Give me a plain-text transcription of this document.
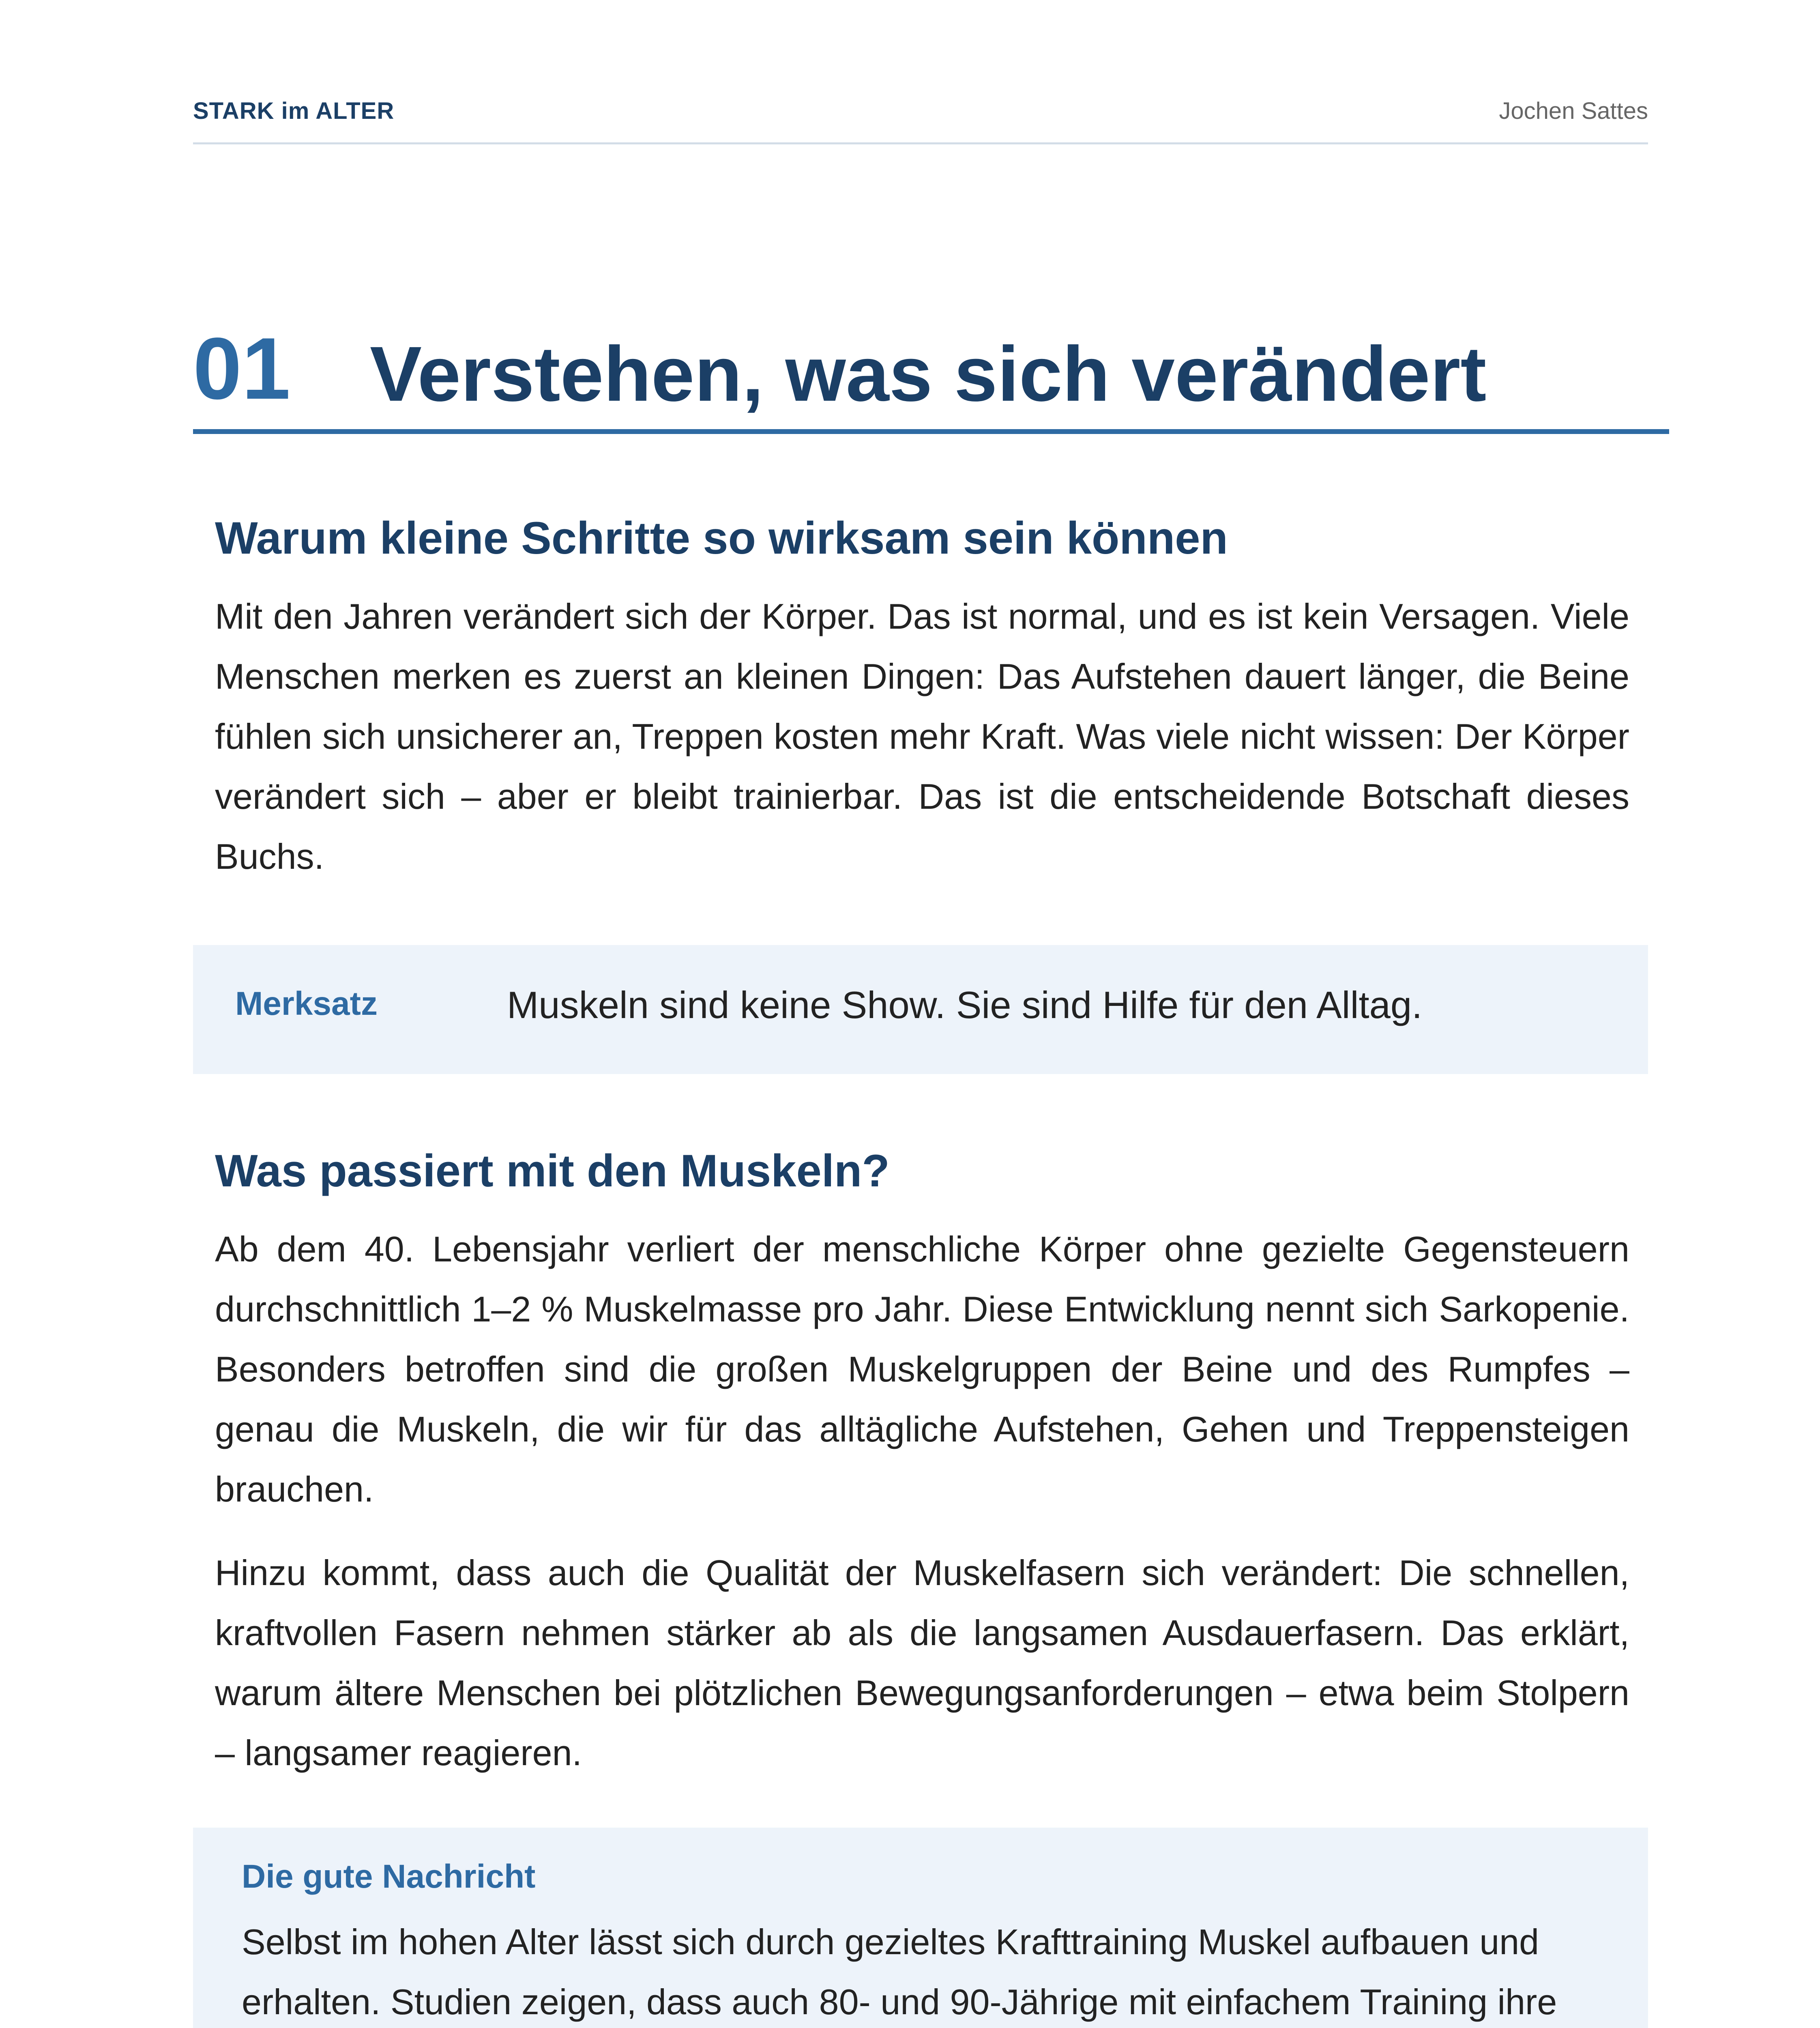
STARK im ALTER	Jochen Sattes
01 Verstehen, was sich verändert
Warum kleine Schritte so wirksam sein können

Mit den Jahren verändert sich der Körper. Das ist normal, und es ist kein Versagen. Viele Menschen merken es zuerst an kleinen Dingen: Das Aufstehen dauert länger, die Beine fühlen sich unsicherer an, Treppen kosten mehr Kraft. Was viele nicht wissen: Der Körper verändert sich – aber er bleibt trainierbar. Das ist die entscheidende Botschaft dieses Buchs.

Merksatz	Muskeln sind keine Show. Sie sind Hilfe für den Alltag.
Was passiert mit den Muskeln?

Ab dem 40. Lebensjahr verliert der menschliche Körper ohne gezielte Gegensteuern durchschnittlich 1–2 % Muskelmasse pro Jahr. Diese Entwicklung nennt sich Sarkopenie. Besonders betroffen sind die großen Muskelgruppen der Beine und des Rumpfes – genau die Muskeln, die wir für das alltägliche Aufstehen, Gehen und Treppensteigen brauchen.

Hinzu kommt, dass auch die Qualität der Muskelfasern sich verändert: Die schnellen, kraftvollen Fasern nehmen stärker ab als die langsamen Ausdauerfasern. Das erklärt, warum ältere Menschen bei plötzlichen Bewegungsanforderungen – etwa beim Stolpern – langsamer reagieren.

Die gute Nachricht

Selbst im hohen Alter lässt sich durch gezieltes Krafttraining Muskel aufbauen und erhalten. Studien zeigen, dass auch 80- und 90-Jährige mit einfachem Training ihre
